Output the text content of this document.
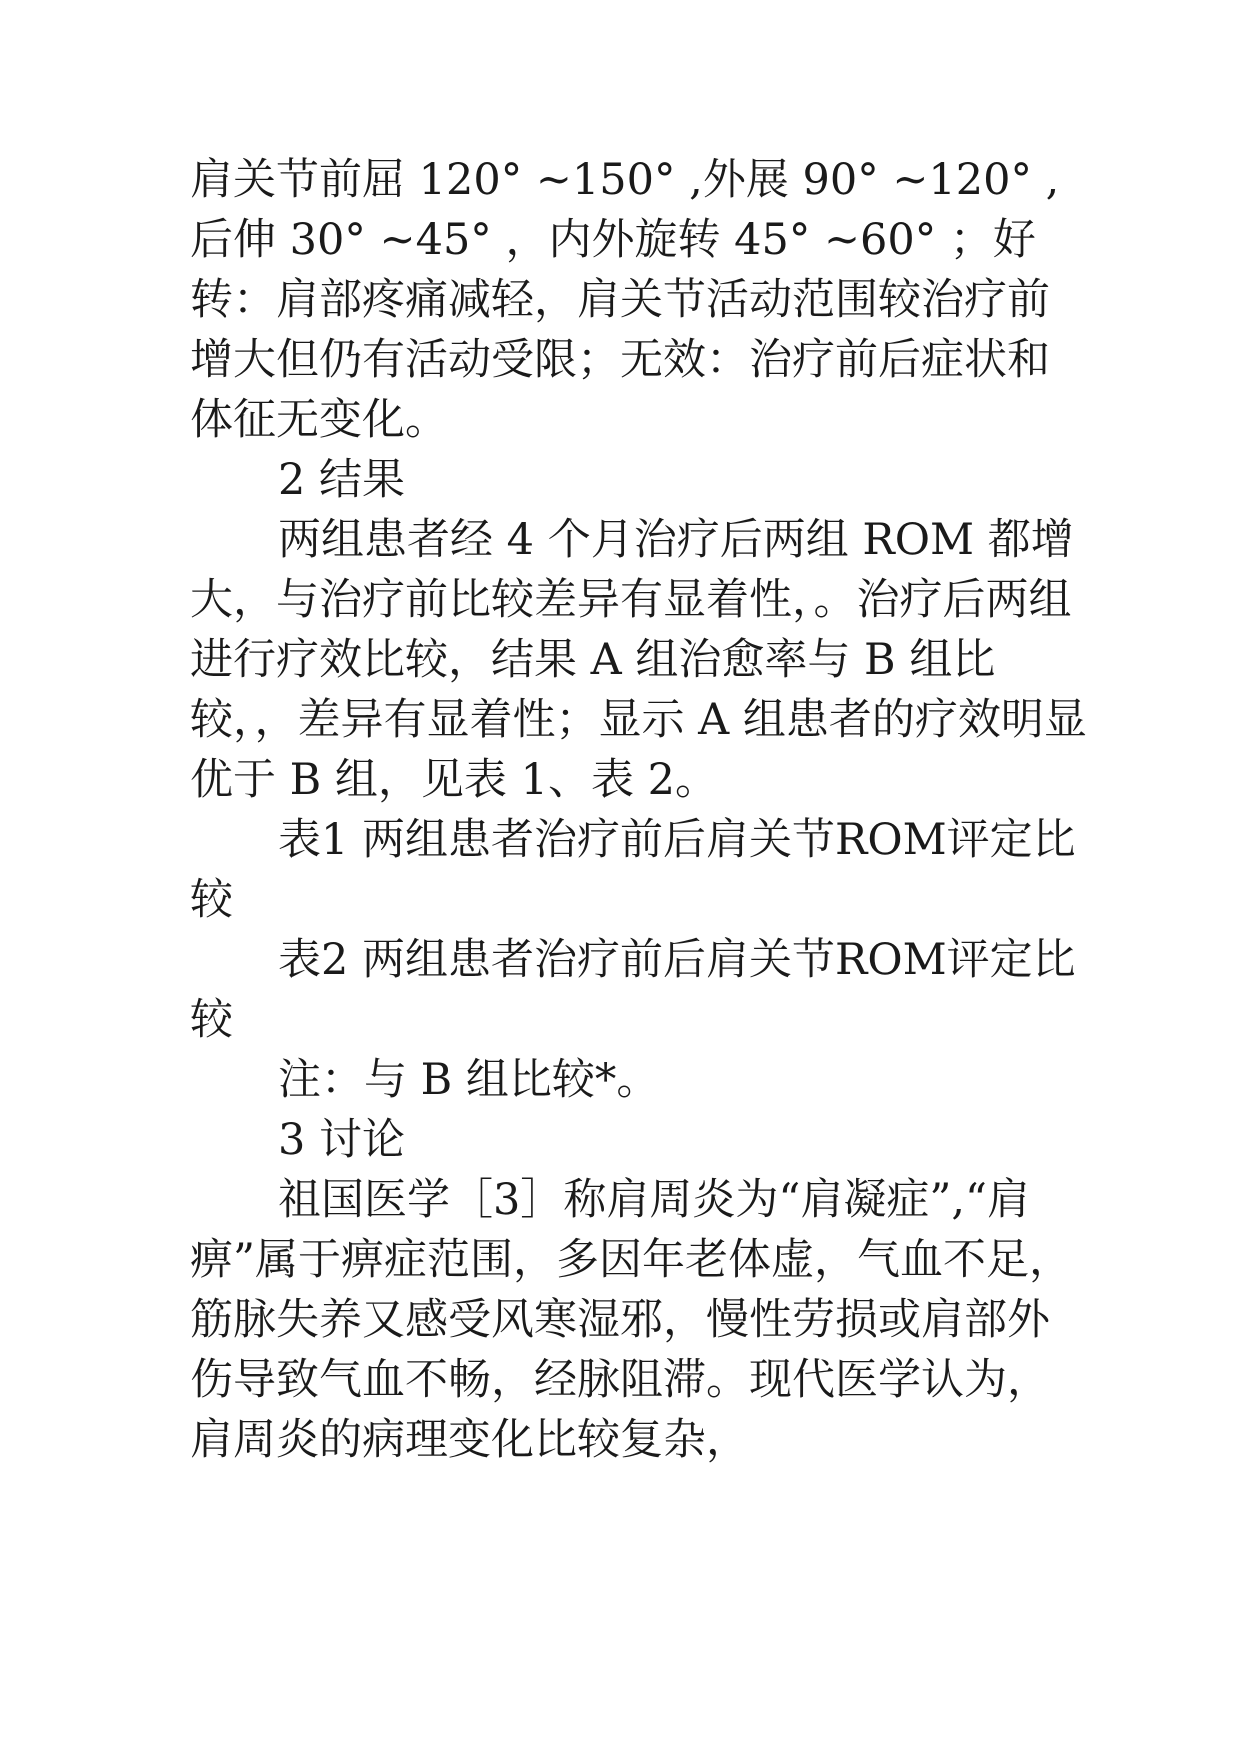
肩关节前屈 120° ~150° ,外展 90° ~120° ,后伸 30° ~45° ，内外旋转 45° ~60° ；好转：肩部疼痛减轻，肩关节活动范围较治疗前增大但仍有活动受限；无效：治疗前后症状和体征无变化。

2 结果

两组患者经 4 个月治疗后两组 ROM 都增大，与治疗前比较差异有显着性，。治疗后两组进行疗效比较，结果 A 组治愈率与 B 组比较，，差异有显着性；显示 A 组患者的疗效明显优于 B 组，见表 1、表 2。

表1 两组患者治疗前后肩关节ROM评定比较

表2 两组患者治疗前后肩关节ROM评定比较

注：与 B 组比较*。

3 讨论

祖国医学［3］称肩周炎为“肩凝症”,“肩痹”属于痹症范围，多因年老体虚，气血不足，筋脉失养又感受风寒湿邪，慢性劳损或肩部外伤导致气血不畅，经脉阻滞。现代医学认为，肩周炎的病理变化比较复杂，
